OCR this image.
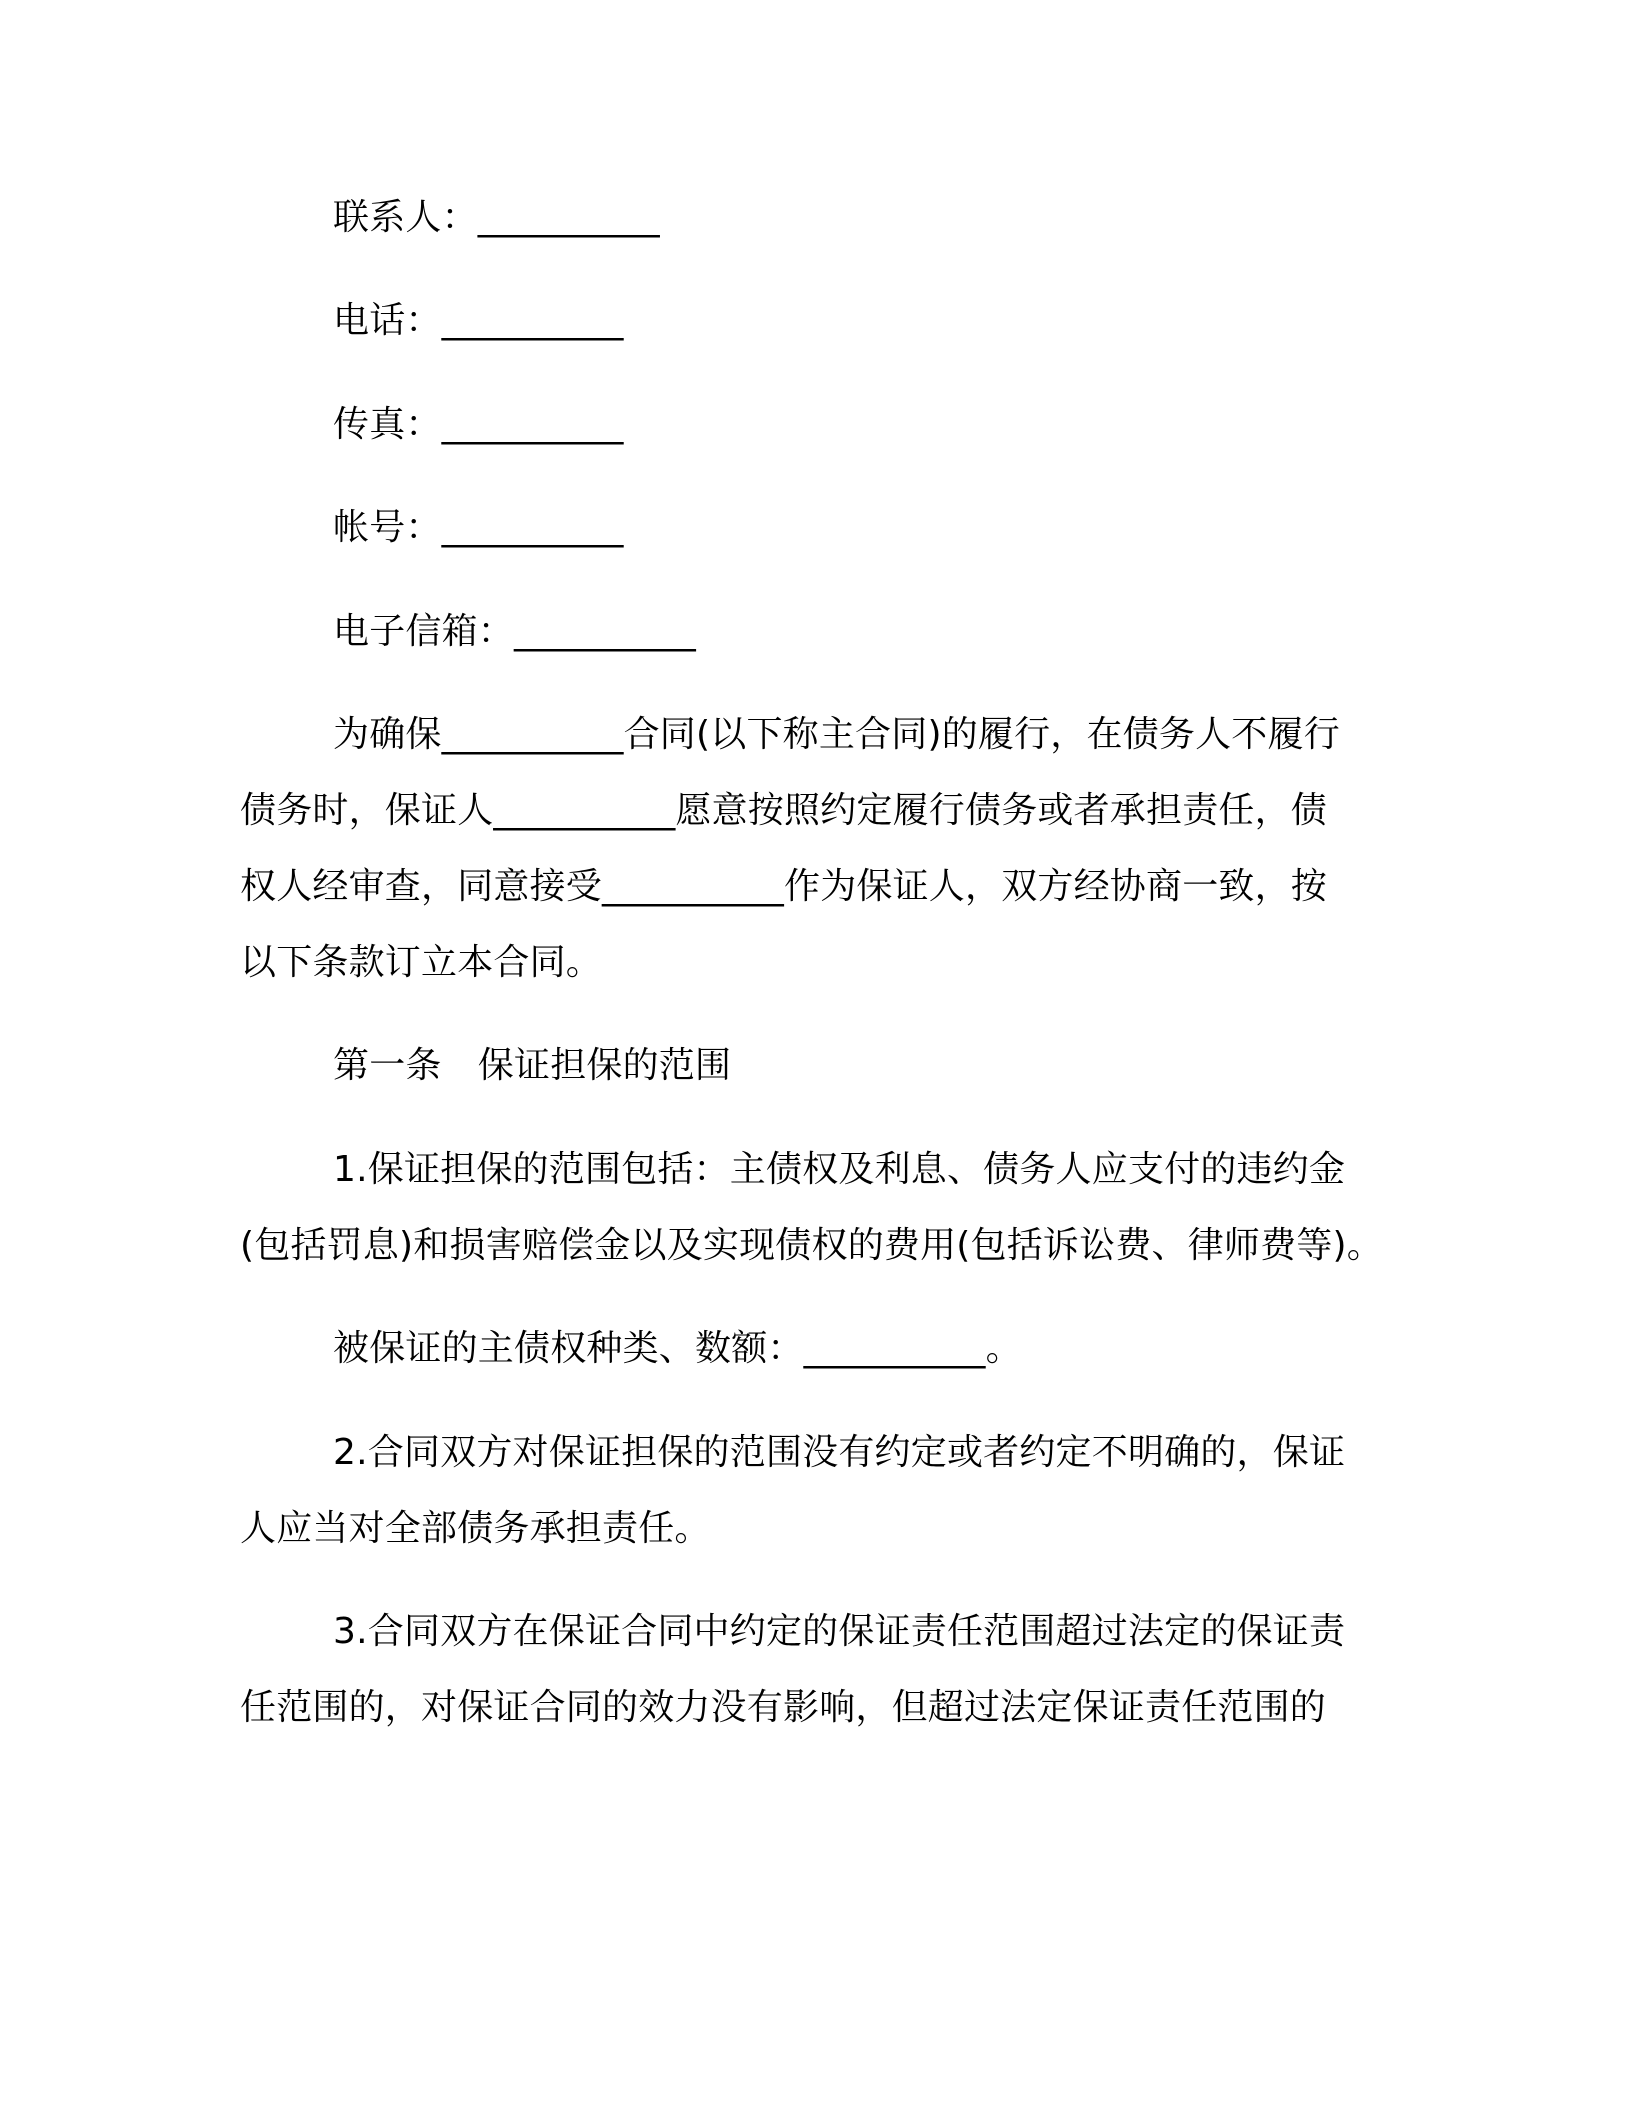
联系人：__________
电话：__________
传真：__________
帐号：__________
电子信箱：__________
为确保__________合同(以下称主合同)的履行，在债务人不履行
债务时，保证人__________愿意按照约定履行债务或者承担责任，债
权人经审查，同意接受__________作为保证人，双方经协商一致，按
以下条款订立本合同。
第一条　保证担保的范围
1.保证担保的范围包括：主债权及利息、债务人应支付的违约金
(包括罚息)和损害赔偿金以及实现债权的费用(包括诉讼费、律师费等)。
被保证的主债权种类、数额：__________。
2.合同双方对保证担保的范围没有约定或者约定不明确的，保证
人应当对全部债务承担责任。
3.合同双方在保证合同中约定的保证责任范围超过法定的保证责
任范围的，对保证合同的效力没有影响，但超过法定保证责任范围的
